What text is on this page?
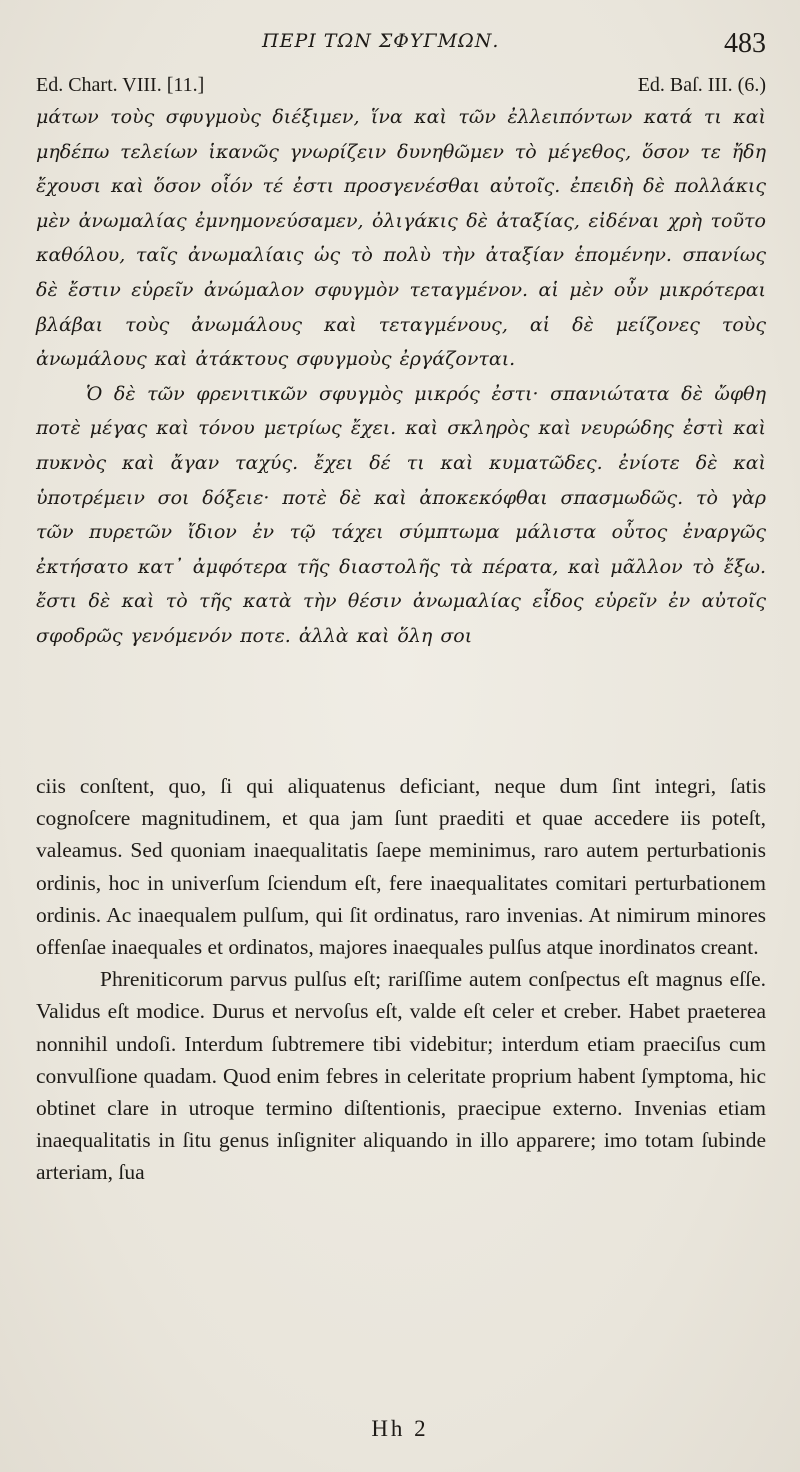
ΠΕΡΙ ΤΩΝ ΣΦΥΓΜΩΝ.	483
Ed. Chart. VIII. [11.]	Ed. Baſ. III. (6.)

μάτων τοὺς σφυγμοὺς διέξιμεν, ἵνα καὶ τῶν ἐλλειπόντων κατά τι καὶ μηδέπω τελείων ἱκανῶς γνωρίζειν δυνηθῶμεν τὸ μέγεθος, ὅσον τε ἤδη ἔχουσι καὶ ὅσον οἷόν τέ ἐστι προσγενέσθαι αὐτοῖς. ἐπειδὴ δὲ πολλάκις μὲν ἀνωμαλίας ἐμνημονεύσαμεν, ὀλιγάκις δὲ ἀταξίας, εἰδέναι χρὴ τοῦτο καθόλου, ταῖς ἀνωμαλίαις ὡς τὸ πολὺ τὴν ἀταξίαν ἑπομένην. σπανίως δὲ ἔστιν εὑρεῖν ἀνώμαλον σφυγμὸν τεταγμένον. αἱ μὲν οὖν μικρότεραι βλάβαι τοὺς ἀνωμάλους καὶ τεταγμένους, αἱ δὲ μείζονες τοὺς ἀνωμάλους καὶ ἀτάκτους σφυγμοὺς ἐργάζονται.

Ὁ δὲ τῶν φρενιτικῶν σφυγμὸς μικρός ἐστι· σπανιώτατα δὲ ὤφθη ποτὲ μέγας καὶ τόνου μετρίως ἔχει. καὶ σκληρὸς καὶ νευρώδης ἐστὶ καὶ πυκνὸς καὶ ἄγαν ταχύς. ἔχει δέ τι καὶ κυματῶδες. ἐνίοτε δὲ καὶ ὑποτρέμειν σοι δόξειε· ποτὲ δὲ καὶ ἀποκεκόφθαι σπασμωδῶς. τὸ γὰρ τῶν πυρετῶν ἴδιον ἐν τῷ τάχει σύμπτωμα μάλιστα οὗτος ἐναργῶς ἐκτήσατο κατ᾽ ἀμφότερα τῆς διαστολῆς τὰ πέρατα, καὶ μᾶλλον τὸ ἔξω. ἔστι δὲ καὶ τὸ τῆς κατὰ τὴν θέσιν ἀνωμαλίας εἶδος εὑρεῖν ἐν αὐτοῖς σφοδρῶς γενόμενόν ποτε. ἀλλὰ καὶ ὅλη σοι

ciis conſtent, quo, ſi qui aliquatenus deficiant, neque dum ſint integri, ſatis cognoſcere magnitudinem, et qua jam ſunt praediti et quae accedere iis poteſt, valeamus. Sed quoniam inaequalitatis ſaepe meminimus, raro autem perturbationis ordinis, hoc in univerſum ſciendum eſt, fere inaequalitates comitari perturbationem ordinis. Ac inaequalem pulſum, qui ſit ordinatus, raro invenias. At nimirum minores offenſae inaequales et ordinatos, majores inaequales pulſus atque inordinatos creant.

Phreniticorum parvus pulſus eſt; rariſſime autem conſpectus eſt magnus eſſe. Validus eſt modice. Durus et nervoſus eſt, valde eſt celer et creber. Habet praeterea nonnihil undoſi. Interdum ſubtremere tibi videbitur; interdum etiam praeciſus cum convulſione quadam. Quod enim febres in celeritate proprium habent ſymptoma, hic obtinet clare in utroque termino diſtentionis, praecipue externo. Invenias etiam inaequalitatis in ſitu genus inſigniter aliquando in illo apparere; imo totam ſubinde arteriam, ſua

Hh 2
